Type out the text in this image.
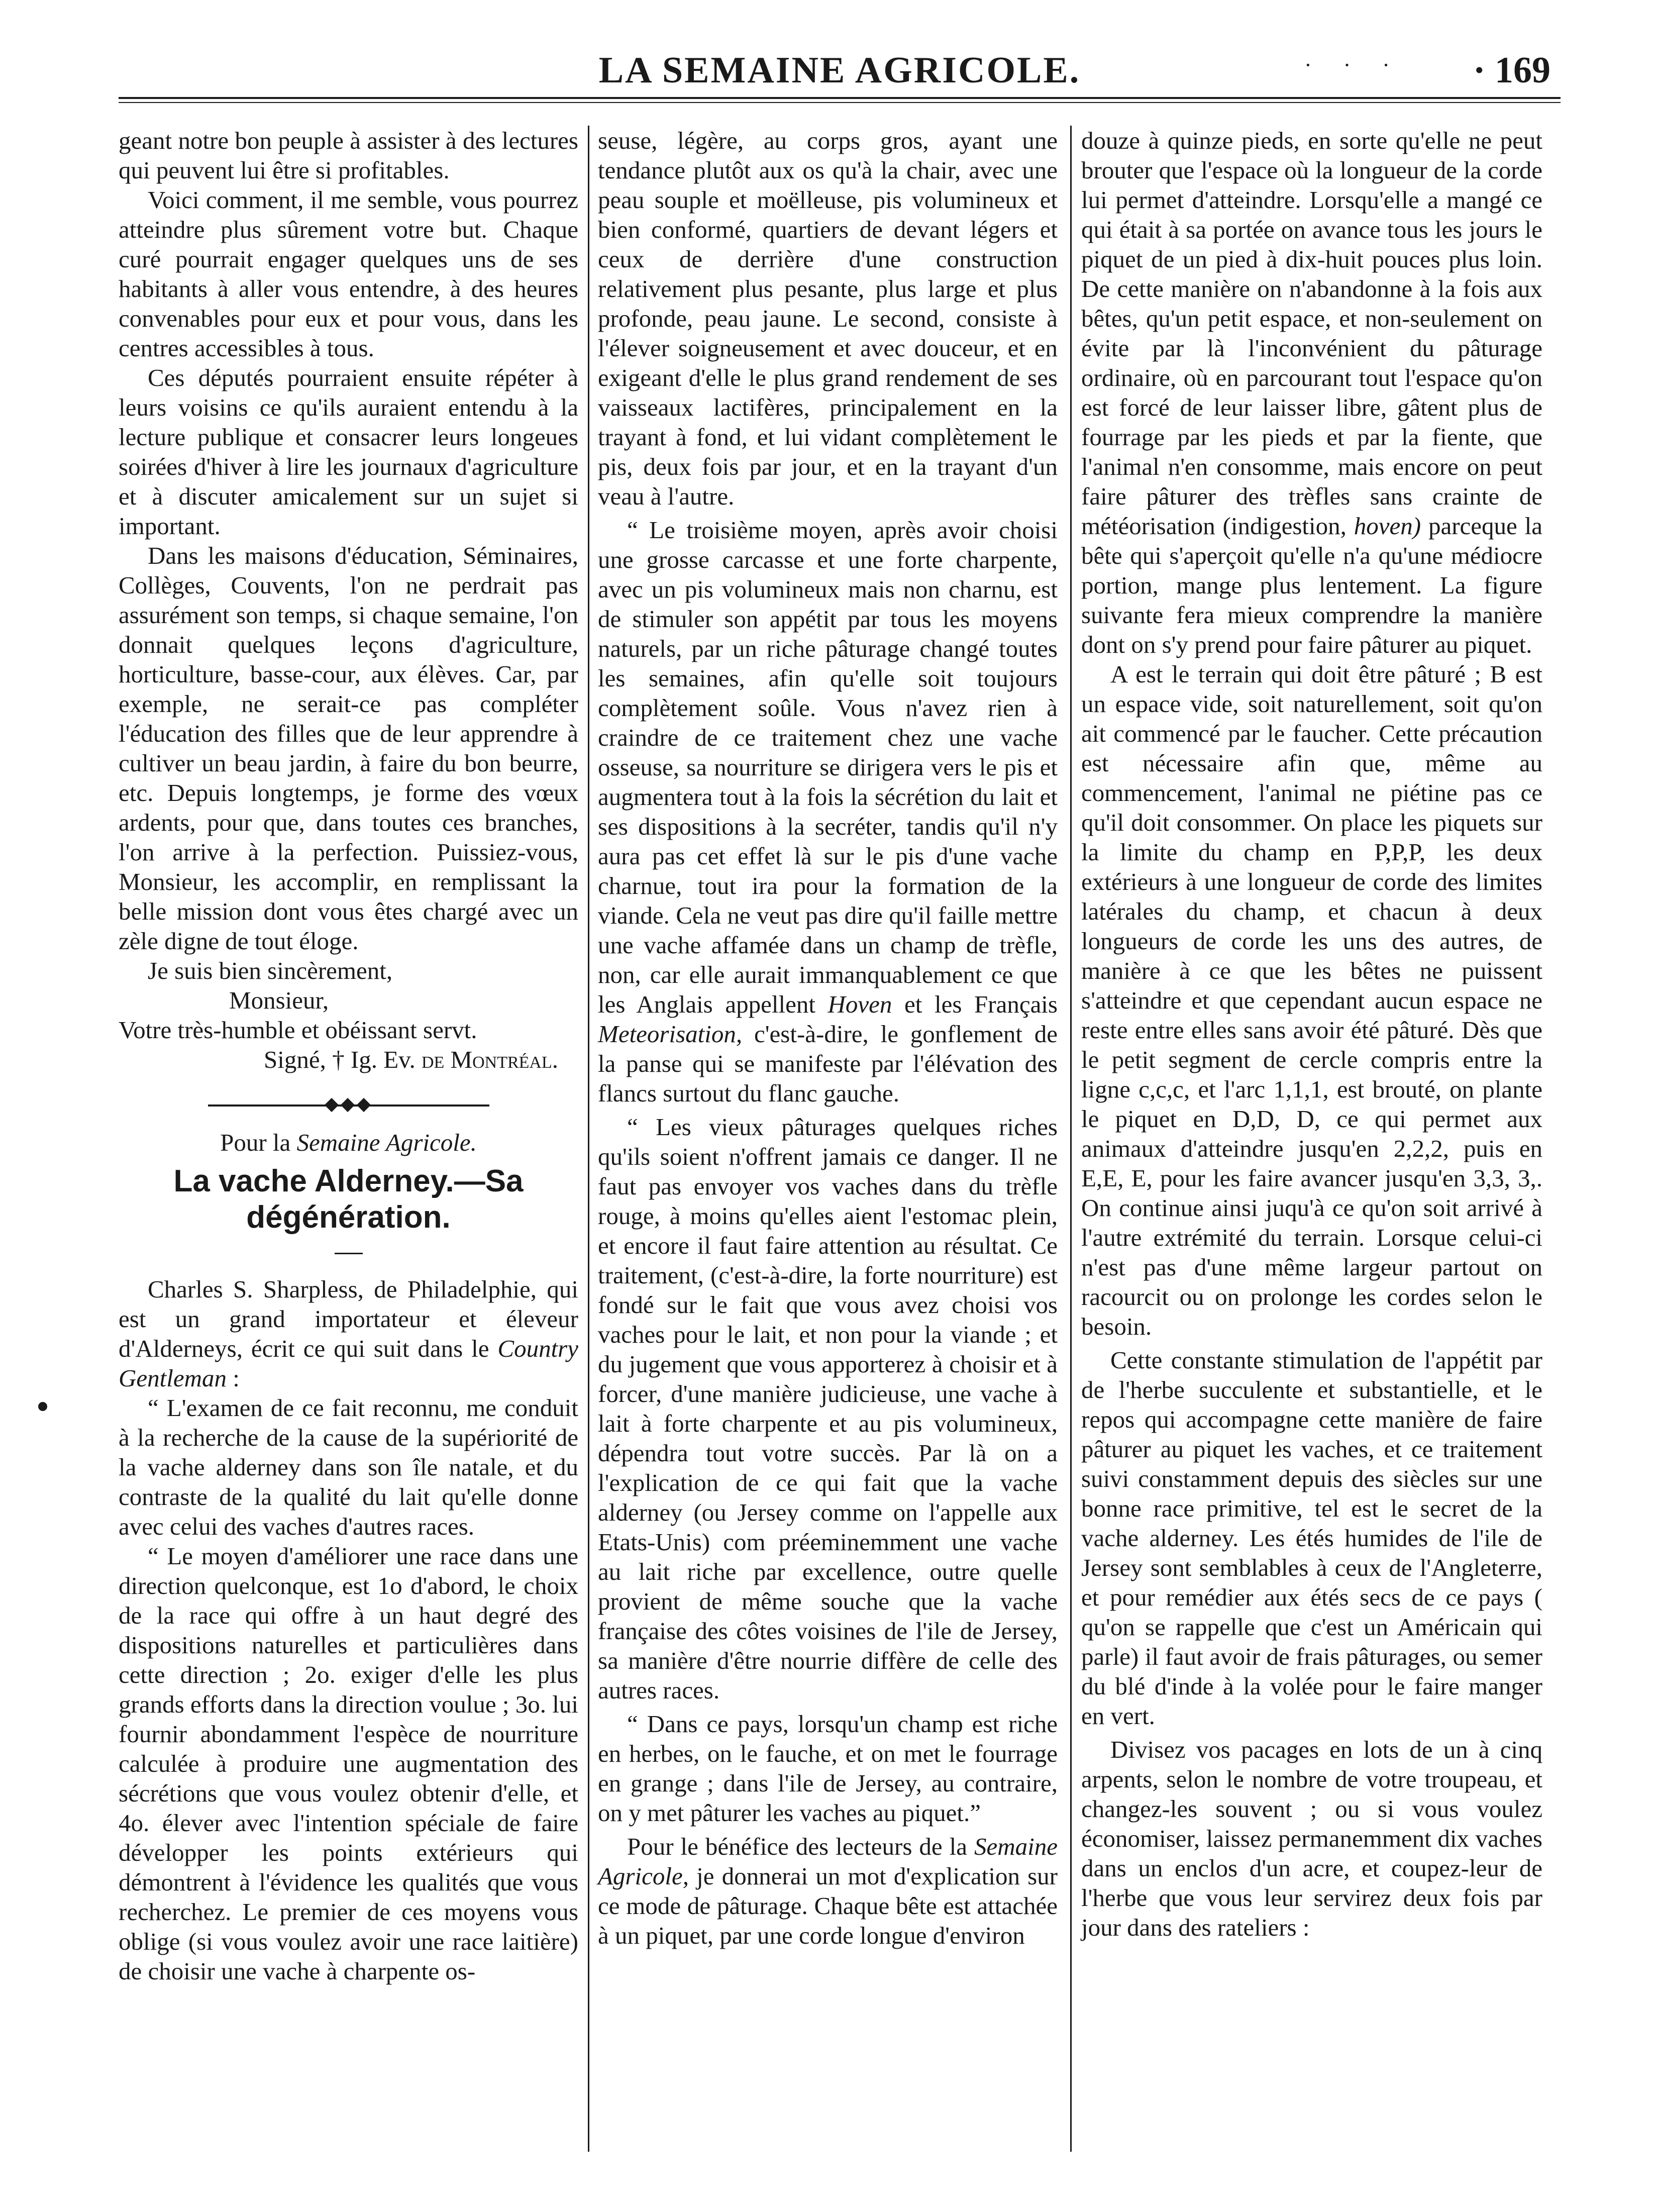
LA SEMAINE AGRICOLE.	· · · · 169

geant notre bon peuple à assister à des lectures qui peuvent lui être si profitables.

Voici comment, il me semble, vous pourrez atteindre plus sûrement votre but. Chaque curé pourrait engager quelques uns de ses habitants à aller vous entendre, à des heures convenables pour eux et pour vous, dans les centres accessibles à tous.

Ces députés pourraient ensuite répéter à leurs voisins ce qu'ils auraient entendu à la lecture publique et consacrer leurs longeues soirées d'hiver à lire les journaux d'agriculture et à discuter amicalement sur un sujet si important.

Dans les maisons d'éducation, Séminaires, Collèges, Couvents, l'on ne perdrait pas assurément son temps, si chaque semaine, l'on donnait quelques leçons d'agriculture, horticulture, basse-cour, aux élèves. Car, par exemple, ne serait-ce pas compléter l'éducation des filles que de leur apprendre à cultiver un beau jardin, à faire du bon beurre, etc. Depuis longtemps, je forme des vœux ardents, pour que, dans toutes ces branches, l'on arrive à la perfection. Puissiez-vous, Monsieur, les accomplir, en remplissant la belle mission dont vous êtes chargé avec un zèle digne de tout éloge.

Je suis bien sincèrement,

Monsieur,

Votre très-humble et obéissant servt.

Signé, † Ig. Ev. de Montréal.

Pour la Semaine Agricole.

La vache Alderney.—Sa dégénération.

Charles S. Sharpless, de Philadelphie, qui est un grand importateur et éleveur d'Alderneys, écrit ce qui suit dans le Country Gentleman :

“ L'examen de ce fait reconnu, me conduit à la recherche de la cause de la supériorité de la vache alderney dans son île natale, et du contraste de la qualité du lait qu'elle donne avec celui des vaches d'autres races.

“ Le moyen d'améliorer une race dans une direction quelconque, est 1o d'abord, le choix de la race qui offre à un haut degré des dispositions naturelles et particulières dans cette direction ; 2o. exiger d'elle les plus grands efforts dans la direction voulue ; 3o. lui fournir abondamment l'espèce de nourriture calculée à produire une augmentation des sécrétions que vous voulez obtenir d'elle, et 4o. élever avec l'intention spéciale de faire développer les points extérieurs qui démontrent à l'évidence les qualités que vous recherchez. Le premier de ces moyens vous oblige (si vous voulez avoir une race laitière) de choisir une vache à charpente os-

seuse, légère, au corps gros, ayant une tendance plutôt aux os qu'à la chair, avec une peau souple et moëlleuse, pis volumineux et bien conformé, quartiers de devant légers et ceux de derrière d'une construction relativement plus pesante, plus large et plus profonde, peau jaune. Le second, consiste à l'élever soigneusement et avec douceur, et en exigeant d'elle le plus grand rendement de ses vaisseaux lactifères, principalement en la trayant à fond, et lui vidant complètement le pis, deux fois par jour, et en la trayant d'un veau à l'autre.

“ Le troisième moyen, après avoir choisi une grosse carcasse et une forte charpente, avec un pis volumineux mais non charnu, est de stimuler son appétit par tous les moyens naturels, par un riche pâturage changé toutes les semaines, afin qu'elle soit toujours complètement soûle. Vous n'avez rien à craindre de ce traitement chez une vache osseuse, sa nourriture se dirigera vers le pis et augmentera tout à la fois la sécrétion du lait et ses dispositions à la secréter, tandis qu'il n'y aura pas cet effet là sur le pis d'une vache charnue, tout ira pour la formation de la viande. Cela ne veut pas dire qu'il faille mettre une vache affamée dans un champ de trèfle, non, car elle aurait immanquablement ce que les Anglais appellent Hoven et les Français Meteorisation, c'est-à-dire, le gonflement de la panse qui se manifeste par l'élévation des flancs surtout du flanc gauche.

“ Les vieux pâturages quelques riches qu'ils soient n'offrent jamais ce danger. Il ne faut pas envoyer vos vaches dans du trèfle rouge, à moins qu'elles aient l'estomac plein, et encore il faut faire attention au résultat. Ce traitement, (c'est-à-dire, la forte nourriture) est fondé sur le fait que vous avez choisi vos vaches pour le lait, et non pour la viande ; et du jugement que vous apporterez à choisir et à forcer, d'une manière judicieuse, une vache à lait à forte charpente et au pis volumineux, dépendra tout votre succès. Par là on a l'explication de ce qui fait que la vache alderney (ou Jersey comme on l'appelle aux Etats-Unis) com préeminemment une vache au lait riche par excellence, outre quelle provient de même souche que la vache française des côtes voisines de l'ile de Jersey, sa manière d'être nourrie diffère de celle des autres races.

“ Dans ce pays, lorsqu'un champ est riche en herbes, on le fauche, et on met le fourrage en grange ; dans l'ile de Jersey, au contraire, on y met pâturer les vaches au piquet.”

Pour le bénéfice des lecteurs de la Semaine Agricole, je donnerai un mot d'explication sur ce mode de pâturage. Chaque bête est attachée à un piquet, par une corde longue d'environ

douze à quinze pieds, en sorte qu'elle ne peut brouter que l'espace où la longueur de la corde lui permet d'atteindre. Lorsqu'elle a mangé ce qui était à sa portée on avance tous les jours le piquet de un pied à dix-huit pouces plus loin. De cette manière on n'abandonne à la fois aux bêtes, qu'un petit espace, et non-seulement on évite par là l'inconvénient du pâturage ordinaire, où en parcourant tout l'espace qu'on est forcé de leur laisser libre, gâtent plus de fourrage par les pieds et par la fiente, que l'animal n'en consomme, mais encore on peut faire pâturer des trèfles sans crainte de météorisation (indigestion, hoven) parceque la bête qui s'aperçoit qu'elle n'a qu'une médiocre portion, mange plus lentement. La figure suivante fera mieux comprendre la manière dont on s'y prend pour faire pâturer au piquet.

A est le terrain qui doit être pâturé ; B est un espace vide, soit naturellement, soit qu'on ait commencé par le faucher. Cette précaution est nécessaire afin que, même au commencement, l'animal ne piétine pas ce qu'il doit consommer. On place les piquets sur la limite du champ en P,P,P, les deux extérieurs à une longueur de corde des limites latérales du champ, et chacun à deux longueurs de corde les uns des autres, de manière à ce que les bêtes ne puissent s'atteindre et que cependant aucun espace ne reste entre elles sans avoir été pâturé. Dès que le petit segment de cercle compris entre la ligne c,c,c, et l'arc 1,1,1, est brouté, on plante le piquet en D,D, D, ce qui permet aux animaux d'atteindre jusqu'en 2,2,2, puis en E,E, E, pour les faire avancer jusqu'en 3,3, 3,. On continue ainsi juqu'à ce qu'on soit arrivé à l'autre extrémité du terrain. Lorsque celui-ci n'est pas d'une même largeur partout on racourcit ou on prolonge les cordes selon le besoin.

Cette constante stimulation de l'appétit par de l'herbe succulente et substantielle, et le repos qui accompagne cette manière de faire pâturer au piquet les vaches, et ce traitement suivi constamment depuis des siècles sur une bonne race primitive, tel est le secret de la vache alderney. Les étés humides de l'ile de Jersey sont semblables à ceux de l'Angleterre, et pour remédier aux étés secs de ce pays ( qu'on se rappelle que c'est un Américain qui parle) il faut avoir de frais pâturages, ou semer du blé d'inde à la volée pour le faire manger en vert.

Divisez vos pacages en lots de un à cinq arpents, selon le nombre de votre troupeau, et changez-les souvent ; ou si vous voulez économiser, laissez permanemment dix vaches dans un enclos d'un acre, et coupez-leur de l'herbe que vous leur servirez deux fois par jour dans des rateliers :
